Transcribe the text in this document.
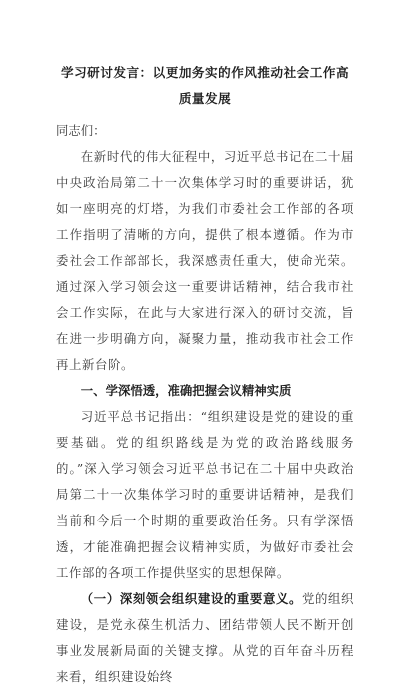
学习研讨发言：以更加务实的作风推动社会工作高质量发展

同志们：

在新时代的伟大征程中，习近平总书记在二十届中央政治局第二十一次集体学习时的重要讲话，犹如一座明亮的灯塔，为我们市委社会工作部的各项工作指明了清晰的方向，提供了根本遵循。作为市委社会工作部部长，我深感责任重大，使命光荣。通过深入学习领会这一重要讲话精神，结合我市社会工作实际，在此与大家进行深入的研讨交流，旨在进一步明确方向，凝聚力量，推动我市社会工作再上新台阶。

一、学深悟透，准确把握会议精神实质

习近平总书记指出：“组织建设是党的建设的重要基础。党的组织路线是为党的政治路线服务的。”深入学习领会习近平总书记在二十届中央政治局第二十一次集体学习时的重要讲话精神，是我们当前和今后一个时期的重要政治任务。只有学深悟透，才能准确把握会议精神实质，为做好市委社会工作部的各项工作提供坚实的思想保障。

（一）深刻领会组织建设的重要意义。党的组织建设，是党永葆生机活力、团结带领人民不断开创事业发展新局面的关键支撑。从党的百年奋斗历程来看，组织建设始终
